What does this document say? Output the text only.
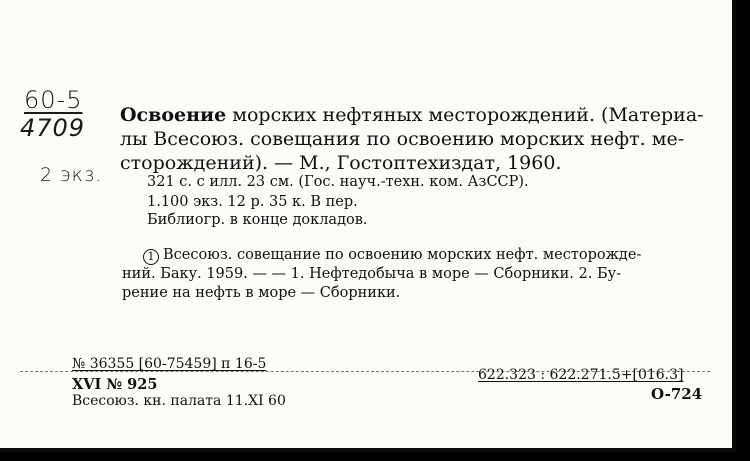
60-5
4709
2 экз.
Освоение морских нефтяных месторождений. (Материа-
лы Всесоюз. совещания по освоению морских нефт. ме-
сторождений). — М., Гостоптехиздат, 1960.
321 с. с илл. 23 см. (Гос. науч.-техн. ком. АзССР).
1.100 экз. 12 р. 35 к. В пер.
Библиогр. в конце докладов.
1 Всесоюз. совещание по освоению морских нефт. месторожде-
ний. Баку. 1959. — — 1. Нефтедобыча в море — Сборники. 2. Бу-
рение на нефть в море — Сборники.
№ 36355 [60-75459] п 16-5
XVI № 925
Всесоюз. кн. палата 11.XI 60
622.323 : 622.271.5+[016.3]
O-724
